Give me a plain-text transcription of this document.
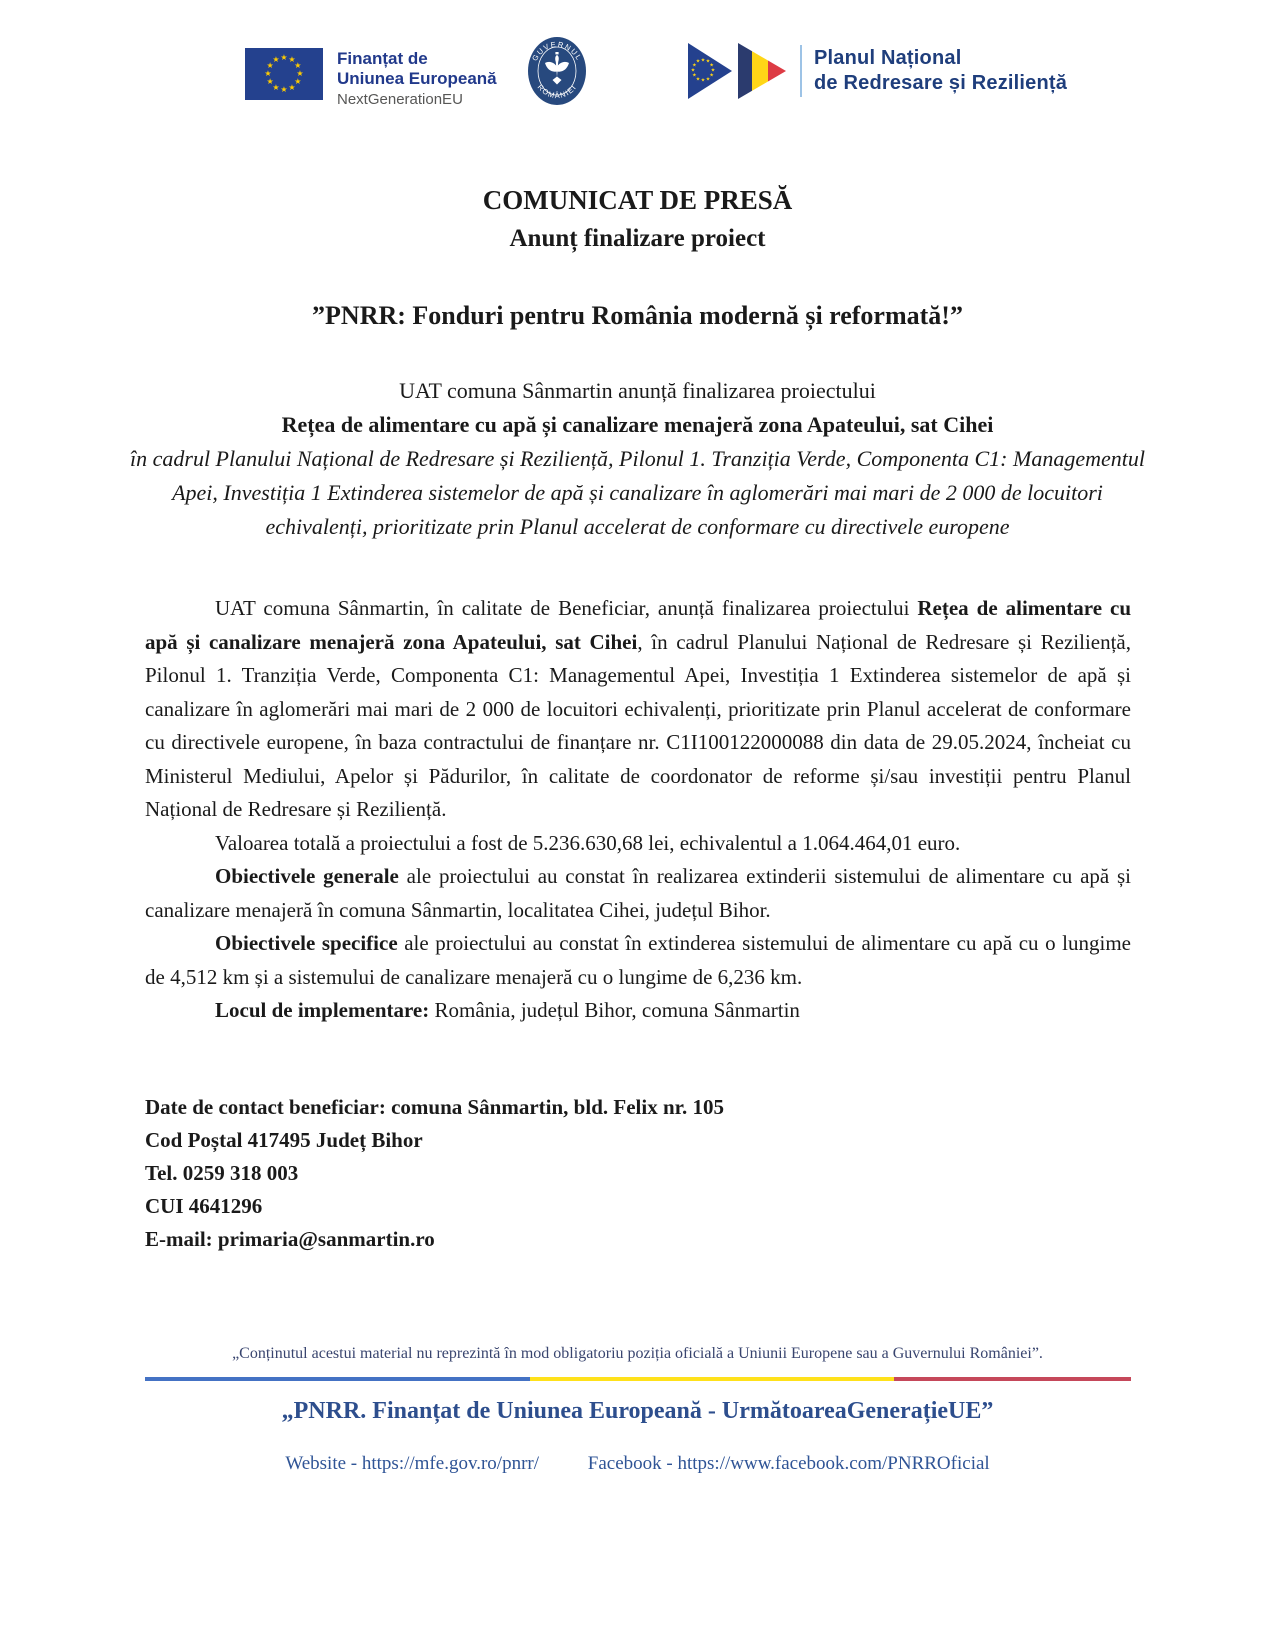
★ ★
★
★
★
★
★
★
★
★
★
★	Finanțat de
Uniunea Europeană
NextGenerationEU
GUVERNUL
ROMÂNIEI
★ ★
★
★
★
★
★
★
★
★
★
★	Planul Național
de Redresare și Reziliență
COMUNICAT DE PRESĂ
Anunț finalizare proiect
”PNRR: Fonduri pentru România modernă și reformată!”
UAT comuna Sânmartin anunță finalizarea proiectului
Rețea de alimentare cu apă și canalizare menajeră zona Apateului, sat Cihei
în cadrul Planului Național de Redresare și Reziliență, Pilonul 1. Tranziția Verde, Componenta C1: Managementul Apei, Investiția 1 Extinderea sistemelor de apă și canalizare în aglomerări mai mari de 2 000 de locuitori echivalenți, prioritizate prin Planul accelerat de conformare cu directivele europene

UAT comuna Sânmartin, în calitate de Beneficiar, anunță finalizarea proiectului Rețea de alimentare cu apă și canalizare menajeră zona Apateului, sat Cihei, în cadrul Planului Național de Redresare și Reziliență, Pilonul 1. Tranziția Verde, Componenta C1: Managementul Apei, Investiția 1 Extinderea sistemelor de apă și canalizare în aglomerări mai mari de 2 000 de locuitori echivalenți, prioritizate prin Planul accelerat de conformare cu directivele europene, în baza contractului de finanțare nr. C1I100122000088 din data de 29.05.2024, încheiat cu Ministerul Mediului, Apelor și Pădurilor, în calitate de coordonator de reforme și/sau investiții pentru Planul Național de Redresare și Reziliență.

Valoarea totală a proiectului a fost de 5.236.630,68 lei, echivalentul a 1.064.464,01 euro.

Obiectivele generale ale proiectului au constat în realizarea extinderii sistemului de alimentare cu apă și canalizare menajeră în comuna Sânmartin, localitatea Cihei, județul Bihor.

Obiectivele specifice ale proiectului au constat în extinderea sistemului de alimentare cu apă cu o lungime de 4,512 km și a sistemului de canalizare menajeră cu o lungime de 6,236 km.

Locul de implementare: România, județul Bihor, comuna Sânmartin

Date de contact beneficiar: comuna Sânmartin, bld. Felix nr. 105
Cod Poștal 417495 Județ Bihor
Tel. 0259 318 003
CUI 4641296
E-mail: primaria@sanmartin.ro
„Conținutul acestui material nu reprezintă în mod obligatoriu poziția oficială a Uniunii Europene sau a Guvernului României”.
„PNRR. Finanțat de Uniunea Europeană - UrmătoareaGenerațieUE”
Website - https://mfe.gov.ro/pnrr/	Facebook - https://www.facebook.com/PNRROficial
